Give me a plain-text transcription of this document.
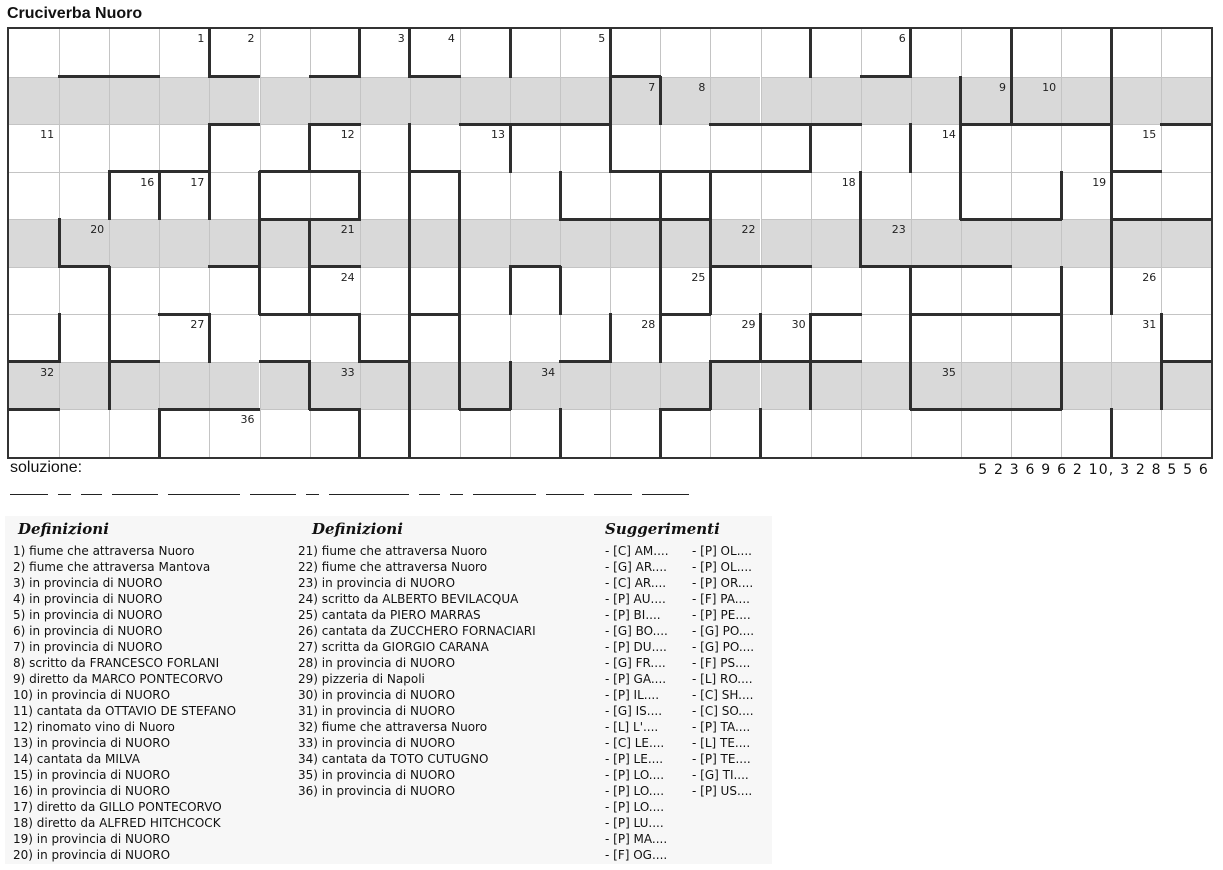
Cruciverba Nuoro
1	2	3	4	5	6
7	8	9	10
11	12	13	14	15
16	17	18	19
20	21	22	23
24	25	26
27	28	29	30	31
32	33	34	35
36
soluzione:	5 2 3 6 9 6 2 10, 3 2 8 5 5 6
Definizioni	Definizioni	Suggerimenti
1) fiume che attraversa Nuoro
2) fiume che attraversa Mantova
3) in provincia di NUORO
4) in provincia di NUORO
5) in provincia di NUORO
6) in provincia di NUORO
7) in provincia di NUORO
8) scritto da FRANCESCO FORLANI
9) diretto da MARCO PONTECORVO
10) in provincia di NUORO
11) cantata da OTTAVIO DE STEFANO
12) rinomato vino di Nuoro
13) in provincia di NUORO
14) cantata da MILVA
15) in provincia di NUORO
16) in provincia di NUORO
17) diretto da GILLO PONTECORVO
18) diretto da ALFRED HITCHCOCK
19) in provincia di NUORO
20) in provincia di NUORO
21) fiume che attraversa Nuoro
22) fiume che attraversa Nuoro
23) in provincia di NUORO
24) scritto da ALBERTO BEVILACQUA
25) cantata da PIERO MARRAS
26) cantata da ZUCCHERO FORNACIARI
27) scritta da GIORGIO CARANA
28) in provincia di NUORO
29) pizzeria di Napoli
30) in provincia di NUORO
31) in provincia di NUORO
32) fiume che attraversa Nuoro
33) in provincia di NUORO
34) cantata da TOTO CUTUGNO
35) in provincia di NUORO
36) in provincia di NUORO
- [C] AM....
- [G] AR....
- [C] AR....
- [P] AU....
- [P] BI....
- [G] BO....
- [P] DU....
- [G] FR....
- [P] GA....
- [P] IL....
- [G] IS....
- [L] L'....
- [C] LE....
- [P] LE....
- [P] LO....
- [P] LO....
- [P] LO....
- [P] LU....
- [P] MA....
- [F] OG....
- [P] OL....
- [P] OL....
- [P] OR....
- [F] PA....
- [P] PE....
- [G] PO....
- [G] PO....
- [F] PS....
- [L] RO....
- [C] SH....
- [C] SO....
- [P] TA....
- [L] TE....
- [P] TE....
- [G] TI....
- [P] US....
